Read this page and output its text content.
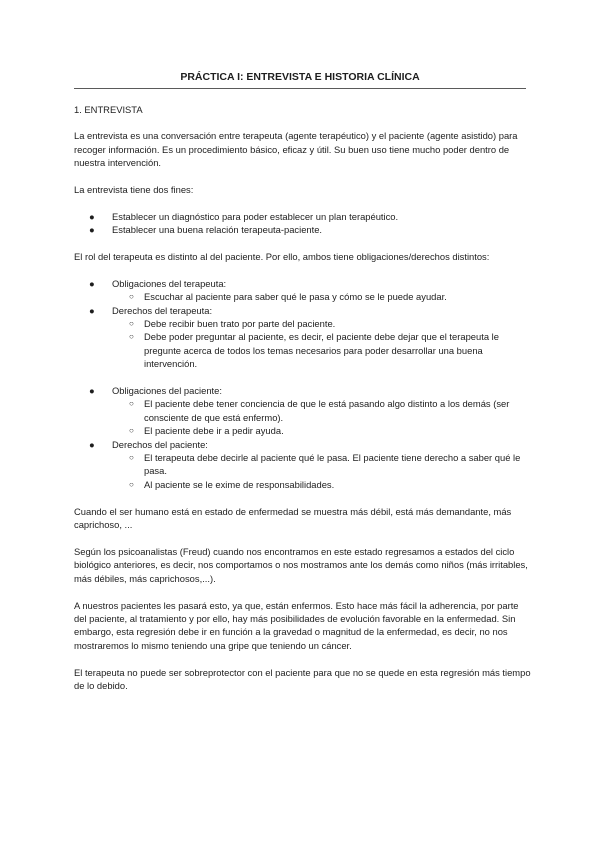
PRÁCTICA I: ENTREVISTA E HISTORIA CLÍNICA
1. ENTREVISTA

La entrevista es una conversación entre terapeuta (agente terapéutico) y el paciente (agente asistido) para recoger información. Es un procedimiento básico, eficaz y útil. Su buen uso tiene mucho poder dentro de nuestra intervención.

La entrevista tiene dos fines:

● Establecer un diagnóstico para poder establecer un plan terapéutico.
● Establecer una buena relación terapeuta-paciente.

El rol del terapeuta es distinto al del paciente. Por ello, ambos tiene obligaciones/derechos distintos:

● Obligaciones del terapeuta:
○ Escuchar al paciente para saber qué le pasa y cómo se le puede ayudar.
● Derechos del terapeuta:
○ Debe recibir buen trato por parte del paciente.
○ Debe poder preguntar al paciente, es decir, el paciente debe dejar que el terapeuta le pregunte acerca de todos los temas necesarios para poder desarrollar una buena intervención.
● Obligaciones del paciente:
○ El paciente debe tener conciencia de que le está pasando algo distinto a los demás (ser consciente de que está enfermo).
○ El paciente debe ir a pedir ayuda.
● Derechos del paciente:
○ El terapeuta debe decirle al paciente qué le pasa. El paciente tiene derecho a saber qué le pasa.
○ Al paciente se le exime de responsabilidades.

Cuando el ser humano está en estado de enfermedad se muestra más débil, está más demandante, más caprichoso, ...

Según los psicoanalistas (Freud) cuando nos encontramos en este estado regresamos a estados del ciclo biológico anteriores, es decir, nos comportamos o nos mostramos ante los demás como niños (más irritables, más débiles, más caprichosos,...).

A nuestros pacientes les pasará esto, ya que, están enfermos. Esto hace más fácil la adherencia, por parte del paciente, al tratamiento y por ello, hay más posibilidades de evolución favorable en la enfermedad. Sin embargo, esta regresión debe ir en función a la gravedad o magnitud de la enfermedad, es decir, no nos mostraremos lo mismo teniendo una gripe que teniendo un cáncer.

El terapeuta no puede ser sobreprotector con el paciente para que no se quede en esta regresión más tiempo de lo debido.
